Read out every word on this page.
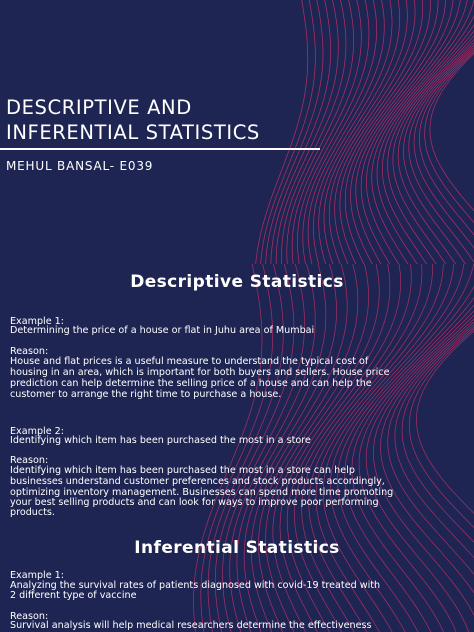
DESCRIPTIVE AND
INFERENTIAL STATISTICS
MEHUL BANSAL- E039
Descriptive Statistics
Example 1:
Determining the price of a house or flat in Juhu area of Mumbai
Reason:
House and flat prices is a useful measure to understand the typical cost of
housing in an area, which is important for both buyers and sellers. House price
prediction can help determine the selling price of a house and can help the
customer to arrange the right time to purchase a house.
Example 2:
Identifying which item has been purchased the most in a store
Reason:
Identifying which item has been purchased the most in a store can help
businesses understand customer preferences and stock products accordingly,
optimizing inventory management. Businesses can spend more time promoting
your best selling products and can look for ways to improve poor performing
products.
Inferential Statistics
Example 1:
Analyzing the survival rates of patients diagnosed with covid-19 treated with
2 different type of vaccine
Reason:
Survival analysis will help medical researchers determine the effectiveness
